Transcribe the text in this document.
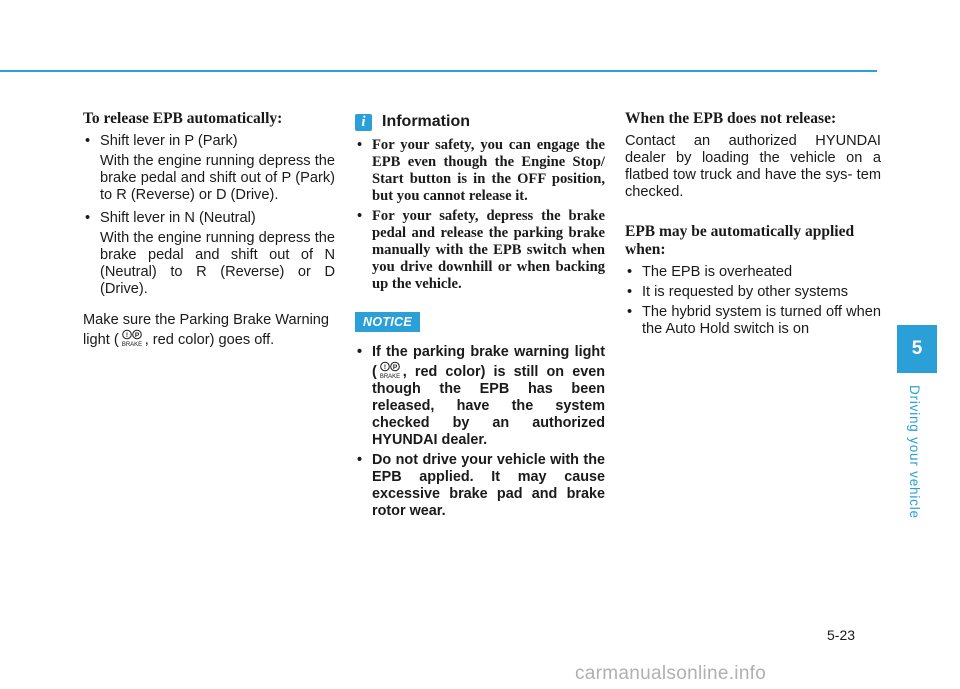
To release EPB automatically:
• Shift lever in P (Park)
With the engine running depress the brake pedal and shift out of P (Park) to R (Reverse) or D (Drive).
• Shift lever in N (Neutral)
With the engine running depress the brake pedal and shift out of N (Neutral) to R (Reverse) or D (Drive).
Make sure the Parking Brake Warning light ( ! P
BRAKE , red color) goes off.
i	Information
• For your safety, you can engage the EPB even though the Engine Stop/ Start button is in the OFF position, but you cannot release it.
• For your safety, depress the brake pedal and release the parking brake manually with the EPB switch when you drive downhill or when backing up the vehicle.
NOTICE
• If the parking brake warning light ( ! P
BRAKE , red color) is still on even though the EPB has been released, have the system checked by an authorized HYUNDAI dealer.
• Do not drive your vehicle with the EPB applied. It may cause excessive brake pad and brake rotor wear.
When the EPB does not release:
Contact an authorized HYUNDAI dealer by loading the vehicle on a flatbed tow truck and have the sys- tem checked.
EPB may be automatically applied when:
• The EPB is overheated
• It is requested by other systems
• The hybrid system is turned off when the Auto Hold switch is on
5
Driving your vehicle
5-23
carmanualsonline.info
